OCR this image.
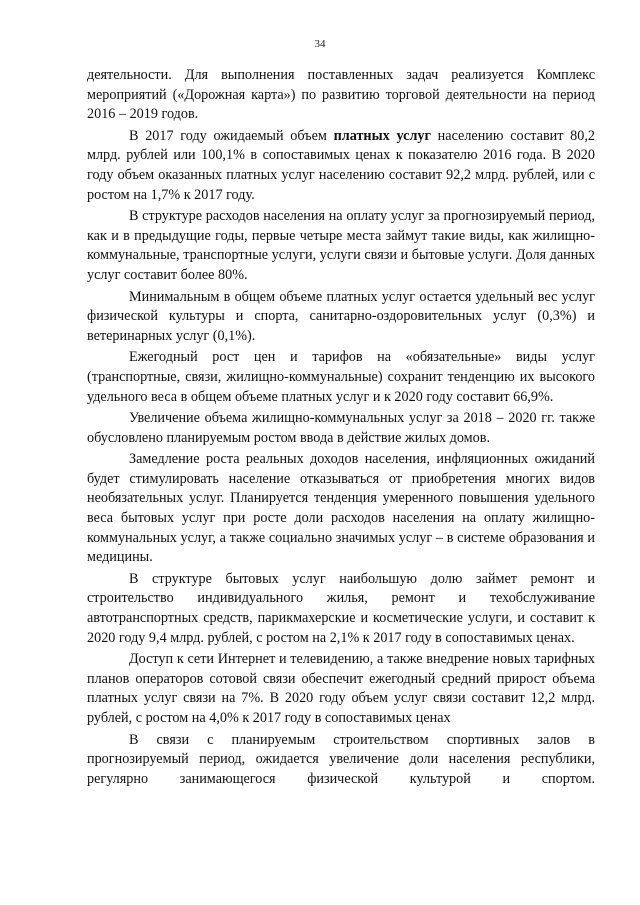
34

деятельности. Для выполнения поставленных задач реализуется Комплекс мероприятий («Дорожная карта») по развитию торговой деятельности на период 2016 – 2019 годов.

В 2017 году ожидаемый объем платных услуг населению составит 80,2 млрд. рублей или 100,1% в сопоставимых ценах к показателю 2016 года. В 2020 году объем оказанных платных услуг населению составит 92,2 млрд. рублей, или с ростом на 1,7% к 2017 году.

В структуре расходов населения на оплату услуг за прогнозируемый период, как и в предыдущие годы, первые четыре места займут такие виды, как жилищно-коммунальные, транспортные услуги, услуги связи и бытовые услуги. Доля данных услуг составит более 80%.

Минимальным в общем объеме платных услуг остается удельный вес услуг физической культуры и спорта, санитарно-оздоровительных услуг (0,3%) и ветеринарных услуг (0,1%).

Ежегодный рост цен и тарифов на «обязательные» виды услуг (транспортные, связи, жилищно-коммунальные) сохранит тенденцию их высокого удельного веса в общем объеме платных услуг и к 2020 году составит 66,9%.

Увеличение объема жилищно-коммунальных услуг за 2018 – 2020 гг. также обусловлено планируемым ростом ввода в действие жилых домов.

Замедление роста реальных доходов населения, инфляционных ожиданий будет стимулировать население отказываться от приобретения многих видов необязательных услуг. Планируется тенденция умеренного повышения удельного веса бытовых услуг при росте доли расходов населения на оплату жилищно-коммунальных услуг, а также социально значимых услуг – в системе образования и медицины.

В структуре бытовых услуг наибольшую долю займет ремонт и строительство индивидуального жилья, ремонт и техобслуживание автотранспортных средств, парикмахерские и косметические услуги, и составит к 2020 году 9,4 млрд. рублей, с ростом на 2,1% к 2017 году в сопоставимых ценах.

Доступ к сети Интернет и телевидению, а также внедрение новых тарифных планов операторов сотовой связи обеспечит ежегодный средний прирост объема платных услуг связи на 7%. В 2020 году объем услуг связи составит 12,2 млрд. рублей, с ростом на 4,0% к 2017 году в сопоставимых ценах

В связи с планируемым строительством спортивных залов в прогнозируемый период, ожидается увеличение доли населения республики, регулярно занимающегося физической культурой и спортом.
